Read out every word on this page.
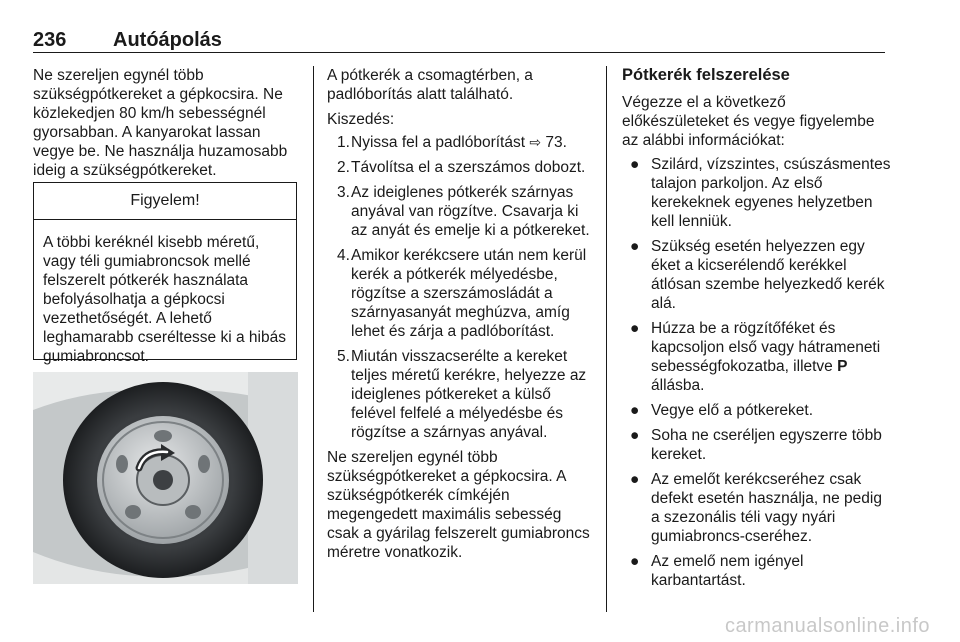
236 Autóápolás

Ne szereljen egynél több szükségpótkereket a gépkocsira. Ne közlekedjen 80 km/h sebességnél gyorsabban. A kanyarokat lassan vegye be. Ne használja huzamosabb ideig a szükségpótkereket.

Figyelem!
A többi keréknél kisebb méretű, vagy téli gumiabroncsok mellé felszerelt pótkerék használata befolyásolhatja a gépkocsi vezethetőségét. A lehető leghamarabb cseréltesse ki a hibás gumiabroncsot.

A pótkerék a csomagtérben, a padlóborítás alatt található.

Kiszedés:

1. Nyissa fel a padlóborítást ⇨ 73.
2. Távolítsa el a szerszámos dobozt.
3. Az ideiglenes pótkerék szárnyas anyával van rögzítve. Csavarja ki az anyát és emelje ki a pótkereket.
4. Amikor kerékcsere után nem kerül kerék a pótkerék mélyedésbe, rögzítse a szerszámosládát a szárnyasanyát meghúzva, amíg lehet és zárja a padlóborítást.
5. Miután visszacserélte a kereket teljes méretű kerékre, helyezze az ideiglenes pótkereket a külső felével felfelé a mélyedésbe és rögzítse a szárnyas anyával.

Ne szereljen egynél több szükségpótkereket a gépkocsira. A szükségpótkerék címkéjén megengedett maximális sebesség csak a gyárilag felszerelt gumiabroncs méretre vonatkozik.

Pótkerék felszerelése

Végezze el a következő előkészületeket és vegye figyelembe az alábbi információkat:

● Szilárd, vízszintes, csúszásmentes talajon parkoljon. Az első kerekeknek egyenes helyzetben kell lenniük.
● Szükség esetén helyezzen egy éket a kicserélendő kerékkel átlósan szembe helyezkedő kerék alá.
● Húzza be a rögzítőféket és kapcsoljon első vagy hátrameneti sebességfokozatba, illetve P állásba.
● Vegye elő a pótkereket.
● Soha ne cseréljen egyszerre több kereket.
● Az emelőt kerékcseréhez csak defekt esetén használja, ne pedig a szezonális téli vagy nyári gumiabroncs-cseréhez.
● Az emelő nem igényel karbantartást.
carmanualsonline.info
